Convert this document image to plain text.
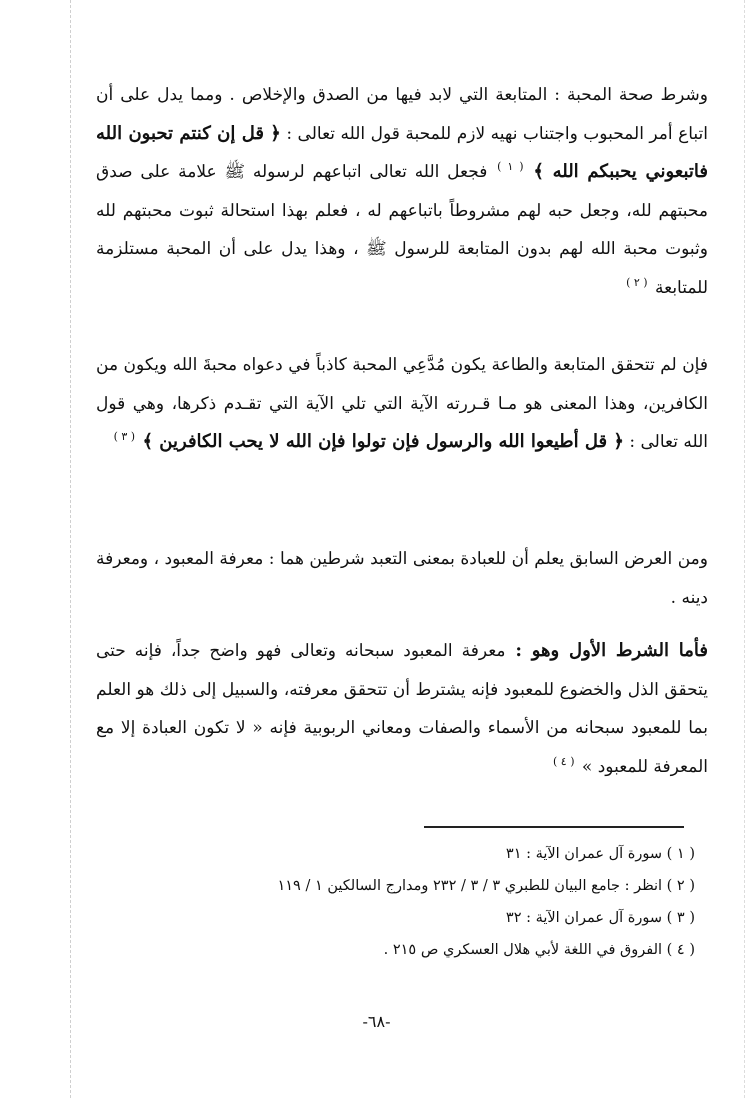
وشرط صحة المحبة : المتابعة التي لابد فيها من الصدق والإخلاص . ومما يدل على أن اتباع أمر المحبوب واجتناب نهيه لازم للمحبة قول الله تعالى : ﴿ قل إن كنتم تحبون الله فاتبعوني يحببكم الله ﴾ $^{( ١ )}$ فجعل الله تعالى اتباعهم لرسوله ﷺ علامة على صدق محبتهم لله، وجعل حبه لهم مشروطاً باتباعهم له ، فعلم بهذا استحالة ثبوت محبتهم لله وثبوت محبة الله لهم بدون المتابعة للرسول ﷺ ، وهذا يدل على أن المحبة مستلزمة للمتابعة $^{( ٢ )}$

فإن لم تتحقق المتابعة والطاعة يكون مُدَّعِي المحبة كاذباً في دعواه محبةَ الله ويكون من الكافرين، وهذا المعنى هو مـا قـررته الآية التي تلي الآية التي تقـدم ذكرها، وهي قول الله تعالى : ﴿ قل أطيعوا الله والرسول فإن تولوا فإن الله لا يحب الكافرين ﴾ $^{( ٣ )}$

ومن العرض السابق يعلم أن للعبادة بمعنى التعبد شرطين هما : معرفة المعبود ، ومعرفة دينه .

فأما الشرط الأول وهو : معرفة المعبود سبحانه وتعالى فهو واضح جداً، فإنه حتى يتحقق الذل والخضوع للمعبود فإنه يشترط أن تتحقق معرفته، والسبيل إلى ذلك هو العلم بما للمعبود سبحانه من الأسماء والصفات ومعاني الربوبية فإنه « لا تكون العبادة إلا مع المعرفة للمعبود » $^{( ٤ )}$

( ١ ) سورة آل عمران الآية : ٣١

( ٢ ) انظر : جامع البيان للطبري ٣ / ٣ / ٢٣٢ ومدارج السالكين ١ / ١١٩

( ٣ ) سورة آل عمران الآية : ٣٢

( ٤ ) الفروق في اللغة لأبي هلال العسكري ص ٢١٥ .

-٦٨-
